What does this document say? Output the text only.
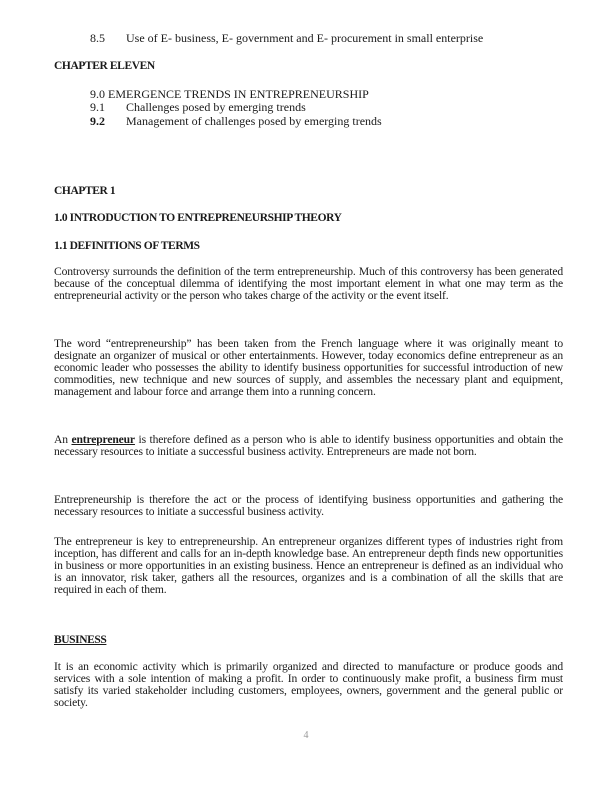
8.5 Use of E- business, E- government and E- procurement in small enterprise
CHAPTER ELEVEN
9.0 EMERGENCE TRENDS IN ENTREPRENEURSHIP
9.1 Challenges posed by emerging trends
9.2 Management of challenges posed by emerging trends
CHAPTER 1
1.0 INTRODUCTION TO ENTREPRENEURSHIP THEORY
1.1 DEFINITIONS OF TERMS
Controversy surrounds the definition of the term entrepreneurship. Much of this controversy has been generated because of the conceptual dilemma of identifying the most important element in what one may term as the entrepreneurial activity or the person who takes charge of the activity or the event itself.
The word “entrepreneurship” has been taken from the French language where it was originally meant to designate an organizer of musical or other entertainments. However, today economics define entrepreneur as an economic leader who possesses the ability to identify business opportunities for successful introduction of new commodities, new technique and new sources of supply, and assembles the necessary plant and equipment, management and labour force and arrange them into a running concern.
An entrepreneur is therefore defined as a person who is able to identify business opportunities and obtain the necessary resources to initiate a successful business activity. Entrepreneurs are made not born.
Entrepreneurship is therefore the act or the process of identifying business opportunities and gathering the necessary resources to initiate a successful business activity.
The entrepreneur is key to entrepreneurship. An entrepreneur organizes different types of industries right from inception, has different and calls for an in-depth knowledge base. An entrepreneur depth finds new opportunities in business or more opportunities in an existing business. Hence an entrepreneur is defined as an individual who is an innovator, risk taker, gathers all the resources, organizes and is a combination of all the skills that are required in each of them.
BUSINESS
It is an economic activity which is primarily organized and directed to manufacture or produce goods and services with a sole intention of making a profit. In order to continuously make profit, a business firm must satisfy its varied stakeholder including customers, employees, owners, government and the general public or society.
4
